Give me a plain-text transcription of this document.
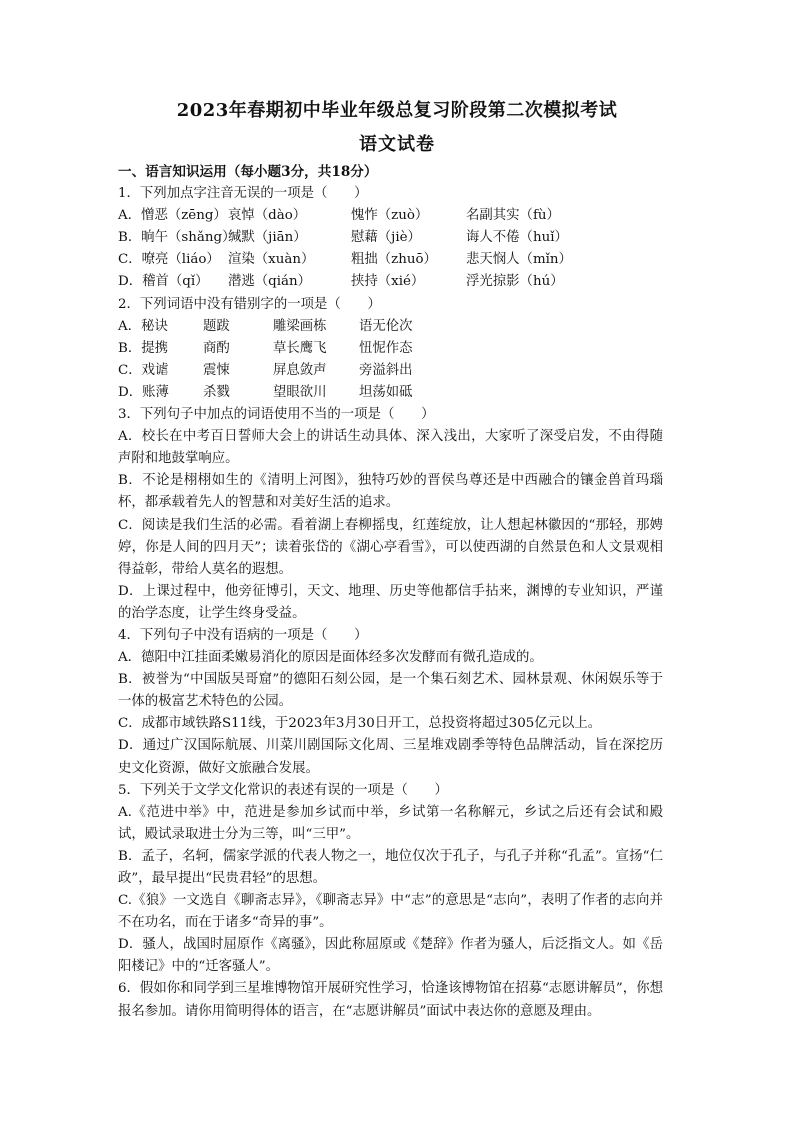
2023年春期初中毕业年级总复习阶段第二次模拟考试
语文试卷
一、语言知识运用（每小题3分，共18分）
1．下列加点字注音无误的一项是（　　）
A．憎恶（zēng）哀悼（dào）	愧怍（zuò）	名副其实（fù）
B．晌午（shǎng）缄默（jiān）	慰藉（jiè）	诲人不倦（huǐ）
C．嘹亮（liáo） 渲染（xuàn）	粗拙（zhuō） 悲天悯人（mǐn）
D．稽首（qǐ） 潜逃（qián）	挟持（xié）	浮光掠影（hú）
2．下列词语中没有错别字的一项是（　　）
A．秘诀	题跋	雕梁画栋 语无伦次
B．提携	商酌	草长鹰飞 忸怩作态
C．戏谑	震悚	屏息敛声 旁溢斜出
D．账薄	杀戮	望眼欲川 坦荡如砥
3．下列句子中加点的词语使用不当的一项是（　　）
A．校长在中考百日誓师大会上的讲话生动具体、深入浅出，大家听了深受启发，不由得随声附和地鼓掌响应。
B．不论是栩栩如生的《清明上河图》，独特巧妙的晋侯鸟尊还是中西融合的镶金兽首玛瑙杯，都承载着先人的智慧和对美好生活的追求。
C．阅读是我们生活的必需。看着湖上春柳摇曳，红莲绽放，让人想起林徽因的“那轻，那娉婷，你是人间的四月天”；读着张岱的《湖心亭看雪》，可以使西湖的自然景色和人文景观相得益彰，带给人莫名的遐想。
D．上课过程中，他旁征博引，天文、地理、历史等他都信手拈来，渊博的专业知识，严谨的治学态度，让学生终身受益。
4．下列句子中没有语病的一项是（　　）
A．德阳中江挂面柔嫩易消化的原因是面体经多次发酵而有微孔造成的。
B．被誉为“中国版吴哥窟”的德阳石刻公园，是一个集石刻艺术、园林景观、休闲娱乐等于一体的极富艺术特色的公园。
C．成都市域铁路S11线，于2023年3月30日开工，总投资将超过305亿元以上。
D．通过广汉国际航展、川菜川剧国际文化周、三星堆戏剧季等特色品牌活动，旨在深挖历史文化资源，做好文旅融合发展。
5．下列关于文学文化常识的表述有误的一项是（　　）
A.《范进中举》中，范进是参加乡试而中举，乡试第一名称解元，乡试之后还有会试和殿试，殿试录取进士分为三等，叫“三甲”。
B．孟子，名轲，儒家学派的代表人物之一，地位仅次于孔子，与孔子并称“孔孟”。宣扬“仁政”，最早提出“民贵君轻”的思想。
C.《狼》一文选自《聊斋志异》，《聊斋志异》中“志”的意思是“志向”，表明了作者的志向并不在功名，而在于诸多“奇异的事”。
D．骚人，战国时屈原作《离骚》，因此称屈原或《楚辞》作者为骚人，后泛指文人。如《岳阳楼记》中的“迁客骚人”。
6．假如你和同学到三星堆博物馆开展研究性学习，恰逢该博物馆在招募“志愿讲解员”，你想报名参加。请你用简明得体的语言，在“志愿讲解员”面试中表达你的意愿及理由。
